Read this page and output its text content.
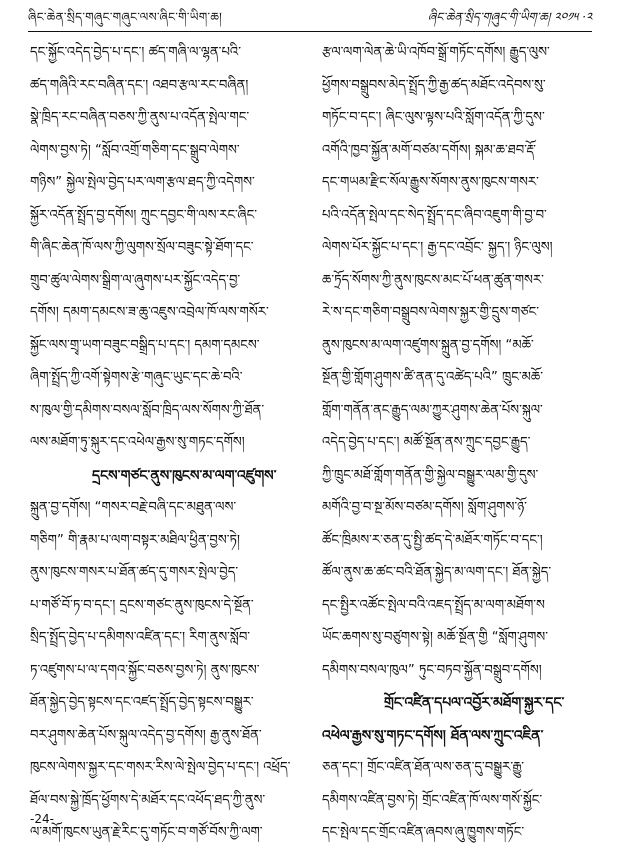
ཞིང་ཆེན་སྲིད་གཞུང་གཞུང་ལས་ཞིང་གི་ཡིག་ཆ།	ཞིང་ཆེན་སྲིད་གཞུང་གི་ཡིག་ཆ། ༢༠༡༥ ·༢
དང་སྐྱོང་འདེད་བྱེད་པ་དང་། ཚད་གཞི་ལ་ལྷན་པའི་
ཚད་གཞིའི་རང་བཞིན་དང་། འཐབ་རྩལ་རང་བཞིན།
སྣེ་ཁྲིད་རང་བཞིན་བཅས་ཀྱི་ནུས་པ་འདོན་སྤེལ་གང་
ལེགས་བྱས་ཏེ། “སློབ་འགྲོ་གཅིག་དང་སྒྲུབ་ལེགས་
གཉིས” སྐྱེལ་སྤེལ་བྱེད་པར་ལག་རྩལ་ཐད་ཀྱི་འདེགས་
སྐྱོར་འདོན་སྤྲོད་བྱ་དགོས། ཀྲུང་དབྱང་གི་ལས་རང་ཞིང་
གི་ཞིང་ཆེན་ཁོ་ལས་ཀྱི་ལུགས་སྲོལ་བཟུང་སྟེ་ཐོག་དང་
གྲུབ་ཚུལ་ལེགས་སྒྲིག་ལ་ཞུགས་པར་སྐྱོང་འདེད་བྱ་
དགོས། དམག་དམངས་ཟ་ཆུ་འཇུས་འབྲེལ་ཁོ་ལས་གསོར་
སྐྱོང་ལས་གྲྭ་ཡག་བཟུང་བསྒྲིད་པ་དང་། དམག་དམངས་
ཞིག་སྤྲོད་ཀྱི་འགོ་སྟེགས་རྩེ་གཞུང་ཡུང་དང་ཆེ་བའི་
ས་ཁུལ་གྱི་དམིགས་བསལ་སློབ་ཁྲིད་ལས་སོགས་ཀྱི་ཐོན་
ལས་མཐོག་ཏུ་སྐུར་དང་འཕེལ་རྒྱས་སུ་གཏང་དགོས།
དྲངས་གཙང་ནུས་ཁུངས་མ་ལག་འཛུགས་
སྐྲུན་བྱ་དགོས། “གསར་བརྗེ་བཞི་དང་མཐུན་ལས་
གཅིག” གི་རྣམ་པ་ལག་བསྟར་མཐིལ་ཕྱིན་བྱས་ཏེ།
ནུས་ཁུངས་གསར་པ་ཐོན་ཚད་དུ་གསར་སྤེལ་བྱེད་
པ་གཙོ་བོ་ཏ་བ་དང་། དྲངས་གཙང་ནུས་ཁུངས་དེ་སྔོན་
སྲིད་སྤྲོད་བྱེད་པ་དམིགས་འཛིན་དང་། རིག་ནུས་སློབ་
ཏ་འཛུགས་པ་ལ་དགའ་སྐྱོང་བཅས་བྱས་ཏེ། ནུས་ཁུངས་
ཐོན་སྐྱེད་བྱེད་སྟངས་དང་འཛད་སྤྲོད་བྱེད་སྟངས་བསྒྱུར་
བར་ཤུགས་ཆེན་པོས་སྐུལ་འདེད་བྱ་དགོས། རྒྱ་ནུས་ཐོན་
ཁུངས་ལེགས་སྐྱར་དང་གསར་རིས་ལེ་སྤེལ་བྱེད་པ་དང་། འཕྲོད་
ཐོལ་བས་སྐྱེ་ཁྲོད་ཕྱོགས་དེ་མཐོར་དང་འཕོད་ཐད་ཀྱི་ནུས་
ལ་མགོ་ཁུངས་ཡུན་རྗེ་རིང་དུ་གཏོང་བ་གཙོ་བོས་ཀྱི་ལག་
རྩལ་ལག་ལེན་ཆེ་ཡི་འཁོབ་སྒྲོ་གཏོང་དགོས། རྒྱུད་ལུས་
ཕྱོགས་བསྒྲུབས་མེད་སྤྲོད་ཀྱི་རྒྱ་ཚད་མཐོང་འདེབས་སུ་
གཏོང་བ་དང་། ཞིང་ལུས་ལྟས་པའི་སློག་འདོན་ཀྱི་དུས་
འགོའི་ཁྱབ་སྐྱོན་མགོ་བཙམ་དགོས། སྐམ་ཆ་ཐབ་རྡོ་
དང་གཡམ་རྫིང་སོལ་རྒྱུས་སོགས་ནུས་ཁུངས་གསར་
པའི་འདོན་སྤེལ་དང་སེད་སྤྲོད་དང་ཞིབ་འཇུག་གི་བྱ་བ་
ལེགས་པོར་སྐྱོང་པ་དང་། རྒྱ་དང་འབྲོང་ སྐྱད་། ཉིང་ལུས།
ཆ་ཏྲོད་སོགས་ཀྱི་ནུས་ཁུངས་མང་པོ་ཕན་ཚུན་གསར་
རེ་ས་དང་གཅིག་བསྒྲུབས་ལེགས་སྐྱར་གྱི་དྲུས་གཙང་
ནུས་ཁུངས་མ་ལག་འཛུགས་སྐྲུན་བྱ་དགོས། “མཆོ་
སྔོན་གྱི་གློག་ཤུགས་ཚི་ནན་དུ་འཚེད་པའི” ཁྲུང་མཆོ་
གློག་གནོན་ནང་རྒྱུད་ལམ་ཀྱུར་ཤུགས་ཆེན་པོས་སྐུལ་
འདེད་བྱེད་པ་དང་། མཚོ་སྔོན་ནས་ཀྲུང་དབྱང་རྒྱུད་
ཀྱི་ཁྲུང་མཐོ་གློག་གནོན་གྱི་སྐྱེལ་བསྒྱུར་ལམ་གྱི་དུས་
མགོའི་བྱ་བ་སྔ་མོས་བཙམ་དགོས། སློག་ཤུགས་ཉོ་
ཚོང་ཁྲིམས་ར་ཅན་དུ་སྤྱི་ཚད་དེ་མཐོར་གཏོང་བ་དང་།
ཚོལ་ནུས་ཆ་ཚང་བའི་ཐོན་སྐྱེད་མ་ལག་དང་། ཐོན་སྐྱེད་
དང་སྤྱིར་འཚོང་སྤེལ་བའི་འཇད་སྤྲོད་མ་ལག་མཐོག་ས
ཡོང་ཆགས་སུ་བཙུགས་སྟེ། མཆོ་སྔོན་གྱི “སློག་ཤུགས་
དམིགས་བསལ་ཁུལ” ཏུང་བཏབ་སྐྱོན་བསྒྲུབ་དགོས།
གྲོང་འཛིན་དཔལ་འབྱོར་མཐོག་སྐྱར་དང་
འཕེལ་རྒྱས་སུ་གཏང་དགོས། ཐོན་ལས་ཀྲུང་འཇིན་
ཅན་དང་། གྲོང་འཛིན་ཐོན་ལས་ཅན་དུ་བསྒྱུར་རྒྱུ་
དམིགས་འཛིན་བྱས་ཏེ། གྲོང་འཛིན་ཁོ་ལས་གསོ་སྐྱོང་
དང་སྤེལ་དང་གྲོང་འཛིན་ཞབས་ཞུ་ཁྱུགས་གཏོང་
-24-
